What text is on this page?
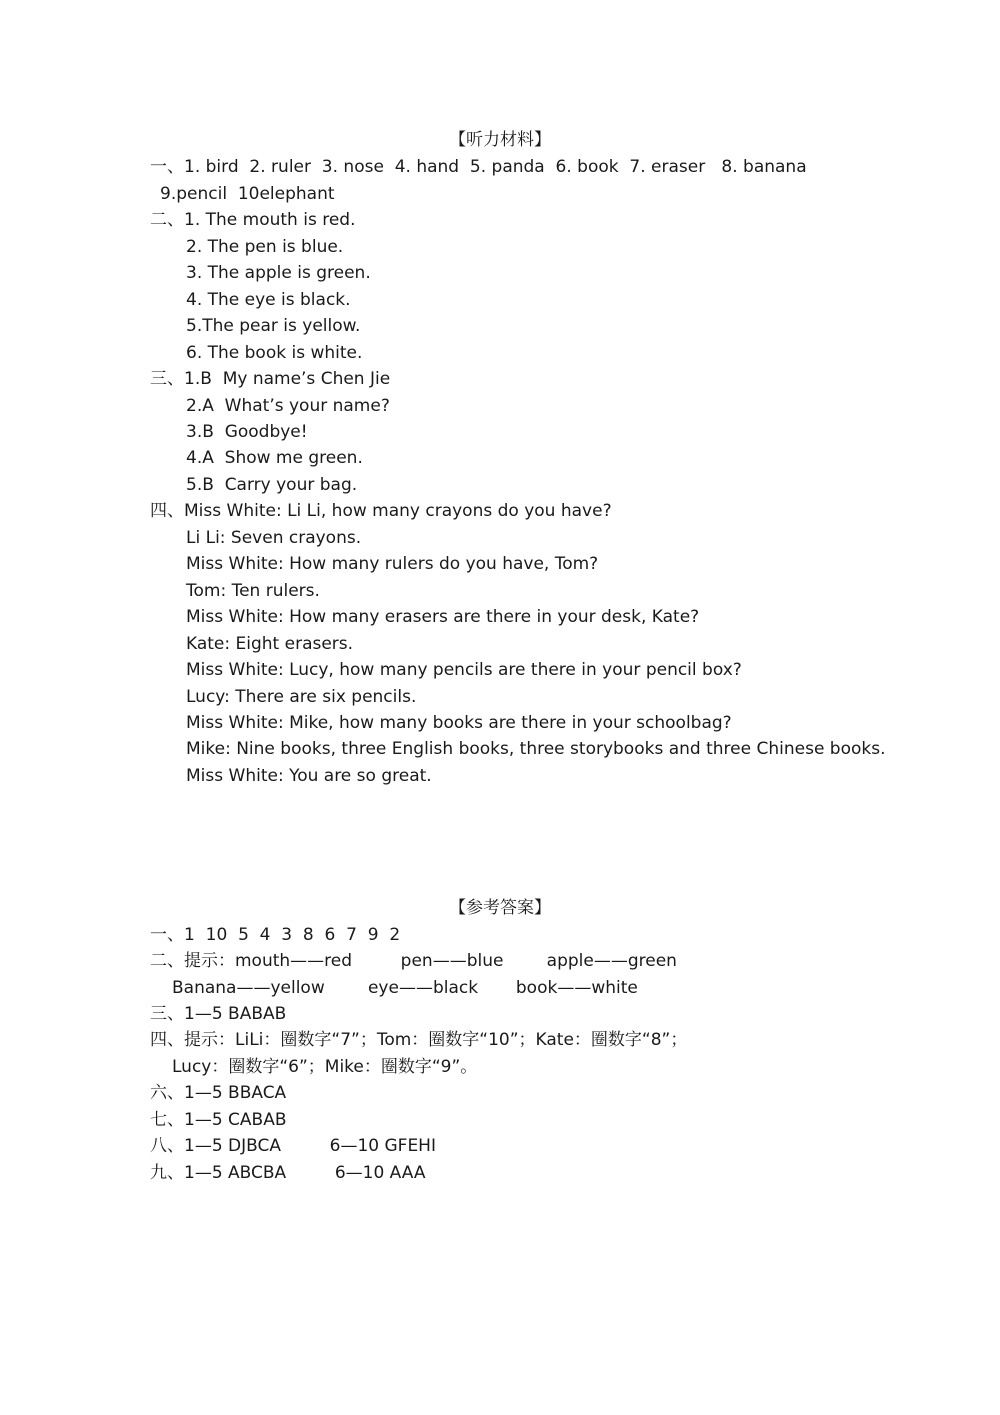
【听力材料】
一、1. bird  2. ruler  3. nose  4. hand  5. panda  6. book  7. eraser   8. banana
9.pencil  10elephant
二、1. The mouth is red.
2. The pen is blue.
3. The apple is green.
4. The eye is black.
5.The pear is yellow.
6. The book is white.
三、1.B  My name’s Chen Jie
2.A  What’s your name?
3.B  Goodbye!
4.A  Show me green.
5.B  Carry your bag.
四、Miss White: Li Li, how many crayons do you have?
Li Li: Seven crayons.
Miss White: How many rulers do you have, Tom?
Tom: Ten rulers.
Miss White: How many erasers are there in your desk, Kate?
Kate: Eight erasers.
Miss White: Lucy, how many pencils are there in your pencil box?
Lucy: There are six pencils.
Miss White: Mike, how many books are there in your schoolbag?
Mike: Nine books, three English books, three storybooks and three Chinese books.
Miss White: You are so great.
【参考答案】
一、1  10  5  4  3  8  6  7  9  2
二、提示：mouth——red         pen——blue        apple——green
Banana——yellow        eye——black       book——white
三、1—5 BABAB
四、提示：LiLi：圈数字“7”；Tom：圈数字“10”；Kate：圈数字“8”；
Lucy：圈数字“6”；Mike：圈数字“9”。
六、1—5 BBACA
七、1—5 CABAB
八、1—5 DJBCA         6—10 GFEHI
九、1—5 ABCBA         6—10 AAA
